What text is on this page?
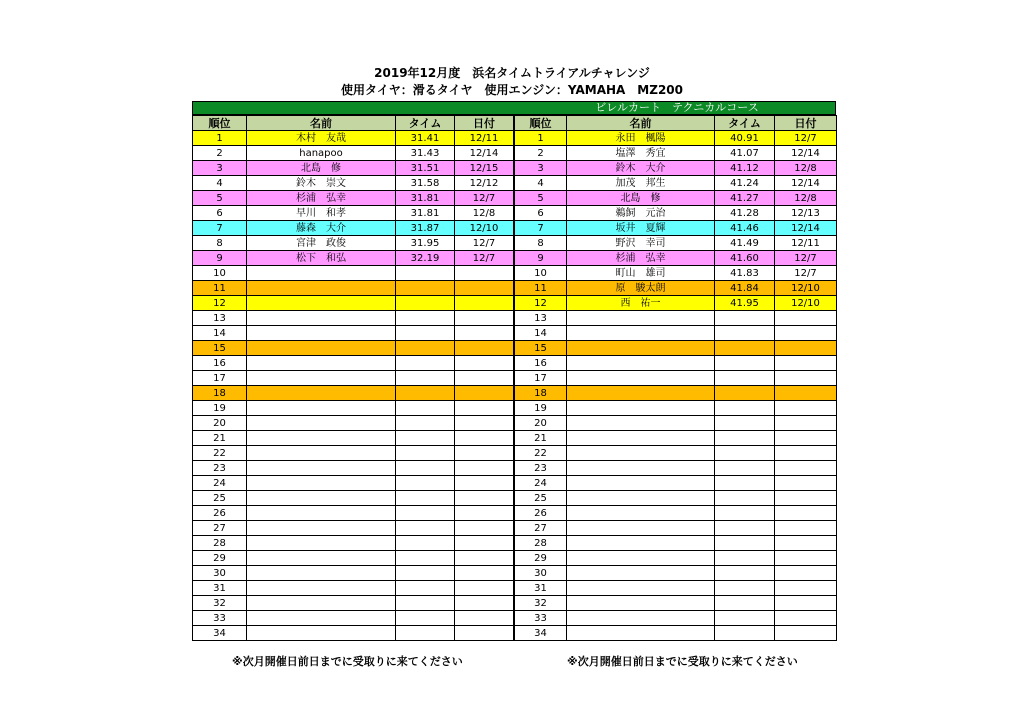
2019年12月度　浜名タイムトライアルチャレンジ
使用タイヤ：滑るタイヤ　使用エンジン：YAMAHA　MZ200
ビレルカート　テクニカルコース
順位	名前	タイム	日付
1	木村　友哉	31.41	12/11
2	hanapoo	31.43	12/14
3	北島　修	31.51	12/15
4	鈴木　崇文	31.58	12/12
5	杉浦　弘幸	31.81	12/7
6	早川　和孝	31.81	12/8
7	藤森　大介	31.87	12/10
8	宮津　政俊	31.95	12/7
9	松下　和弘	32.19	12/7
10			
11			
12			
13			
14			
15			
16			
17			
18			
19			
20			
21			
22			
23			
24			
25			
26			
27			
28			
29			
30			
31			
32			
33			
34			
順位	名前	タイム	日付
1	永田　楓陽	40.91	12/7
2	塩澤　秀宜	41.07	12/14
3	鈴木　大介	41.12	12/8
4	加茂　邦生	41.24	12/14
5	北島　修	41.27	12/8
6	鵜飼　元治	41.28	12/13
7	坂井　夏輝	41.46	12/14
8	野沢　幸司	41.49	12/11
9	杉浦　弘幸	41.60	12/7
10	町山　雄司	41.83	12/7
11	原　駿太朗	41.84	12/10
12	西　祐一	41.95	12/10
13			
14			
15			
16			
17			
18			
19			
20			
21			
22			
23			
24			
25			
26			
27			
28			
29			
30			
31			
32			
33			
34			
※次月開催日前日までに受取りに来てください	※次月開催日前日までに受取りに来てください
